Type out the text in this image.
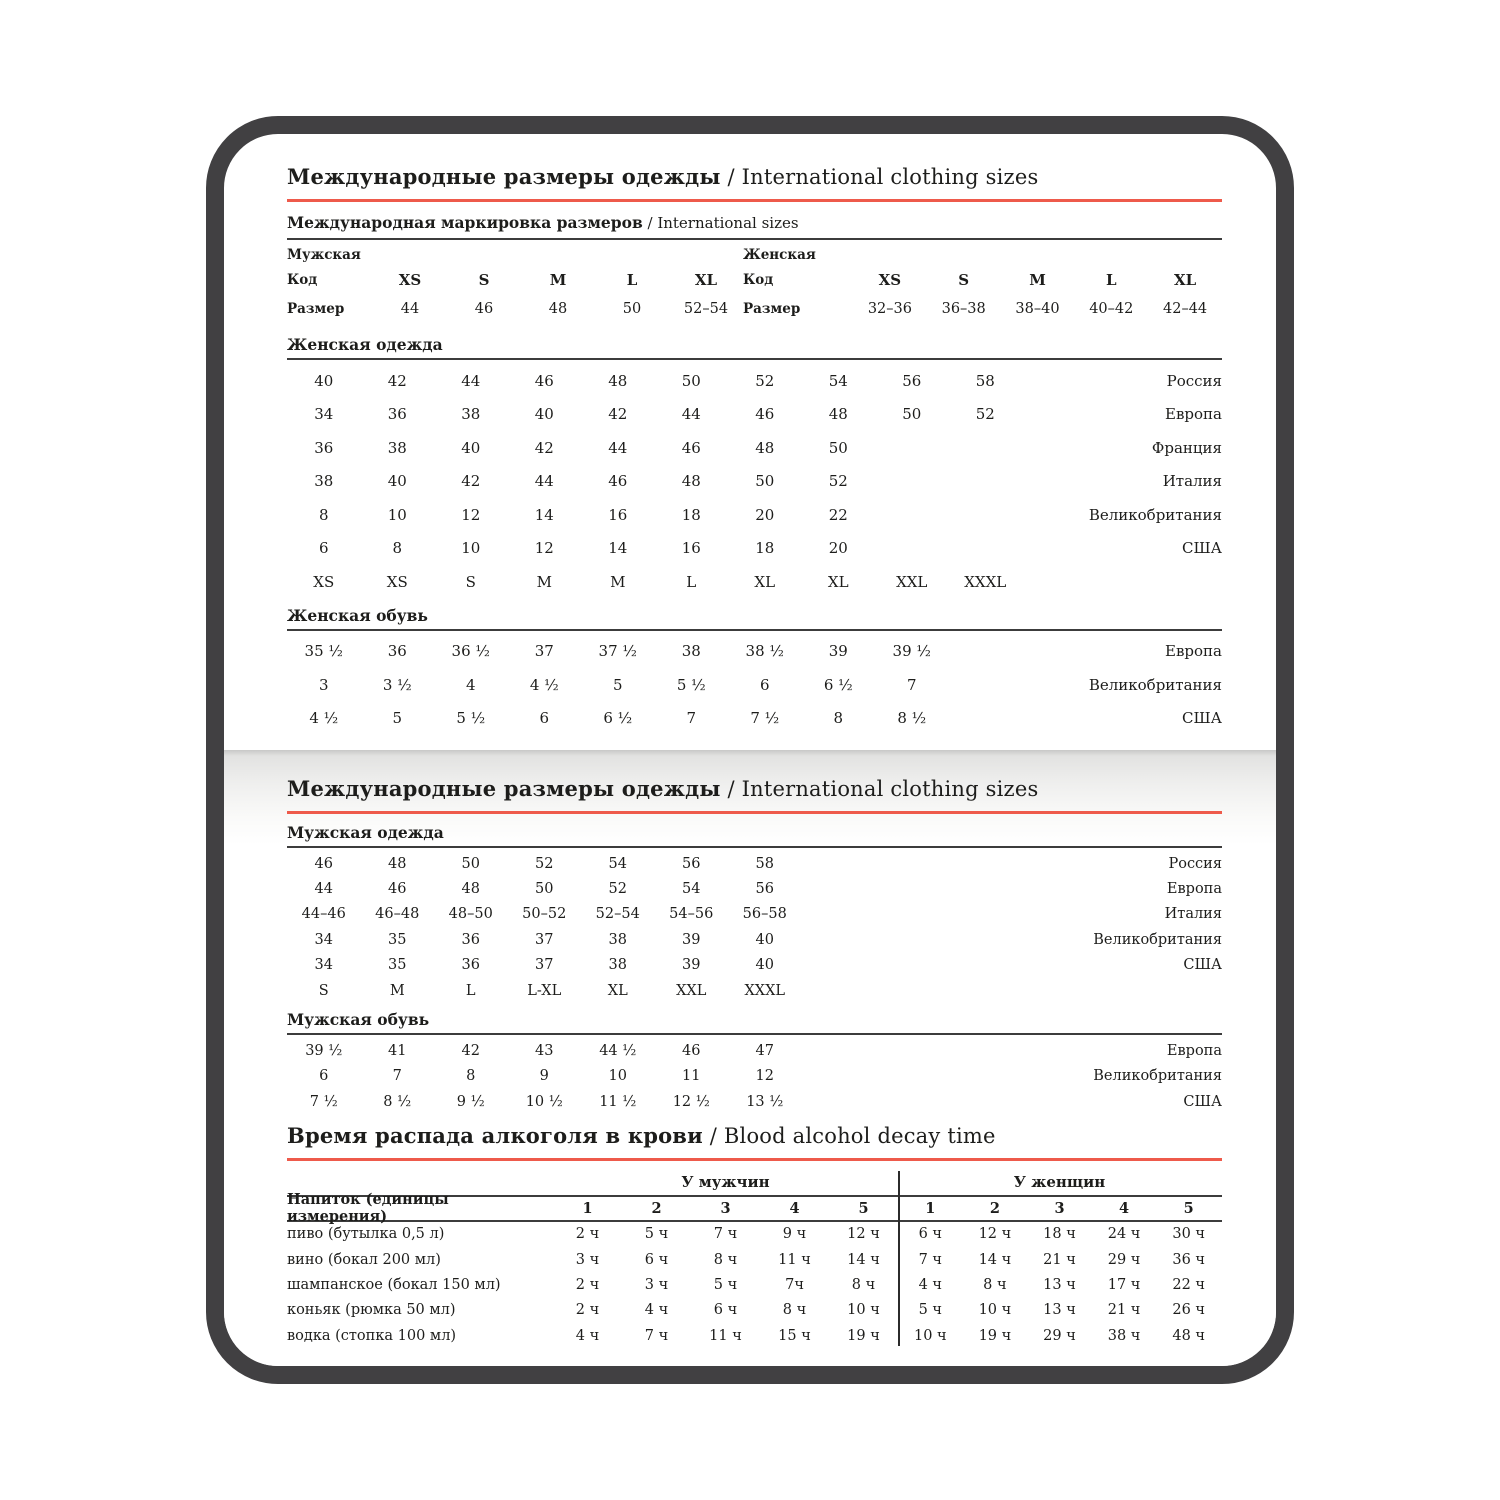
Международные размеры одежды / International clothing sizes
Международная маркировка размеров / International sizes
Мужская	Женская
Код	XS	S	M	L	XL	Код	XS	S	M	L	XL
Размер	44	46	48	50	52–54	Размер	32–36	36–38	38–40	40–42	42–44
Женская одежда
40	42	44	46	48	50	52	54	56	58	Россия
34	36	38	40	42	44	46	48	50	52	Европа
36	38	40	42	44	46	48	50	Франция
38	40	42	44	46	48	50	52	Италия
8	10	12	14	16	18	20	22	Великобритания
6	8	10	12	14	16	18	20	США
XS	XS	S	M	M	L	XL	XL	XXL	XXXL
Женская обувь
35 ½	36	36 ½	37	37 ½	38	38 ½	39	39 ½	Европа
3	3 ½	4	4 ½	5	5 ½	6	6 ½	7	Великобритания
4 ½	5	5 ½	6	6 ½	7	7 ½	8	8 ½	США
Международные размеры одежды / International clothing sizes
Мужская одежда
46	48	50	52	54	56	58	Россия
44	46	48	50	52	54	56	Европа
44–46	46–48	48–50	50–52	52–54	54–56	56–58	Италия
34	35	36	37	38	39	40	Великобритания
34	35	36	37	38	39	40	США
S	M	L	L-XL	XL	XXL	XXXL
Мужская обувь
39 ½	41	42	43	44 ½	46	47	Европа
6	7	8	9	10	11	12	Великобритания
7 ½	8 ½	9 ½	10 ½	11 ½	12 ½	13 ½	США
Время распада алкоголя в крови / Blood alcohol decay time
У мужчин	У женщин
Напиток (единицы измерения)	1	2	3	4	5	1	2	3	4	5
пиво (бутылка 0,5 л)	2 ч	5 ч	7 ч	9 ч	12 ч	6 ч	12 ч	18 ч	24 ч	30 ч
вино (бокал 200 мл)	3 ч	6 ч	8 ч	11 ч	14 ч	7 ч	14 ч	21 ч	29 ч	36 ч
шампанское (бокал 150 мл)	2 ч	3 ч	5 ч	7ч	8 ч	4 ч	8 ч	13 ч	17 ч	22 ч
коньяк (рюмка 50 мл)	2 ч	4 ч	6 ч	8 ч	10 ч	5 ч	10 ч	13 ч	21 ч	26 ч
водка (стопка 100 мл)	4 ч	7 ч	11 ч	15 ч	19 ч	10 ч	19 ч	29 ч	38 ч	48 ч
